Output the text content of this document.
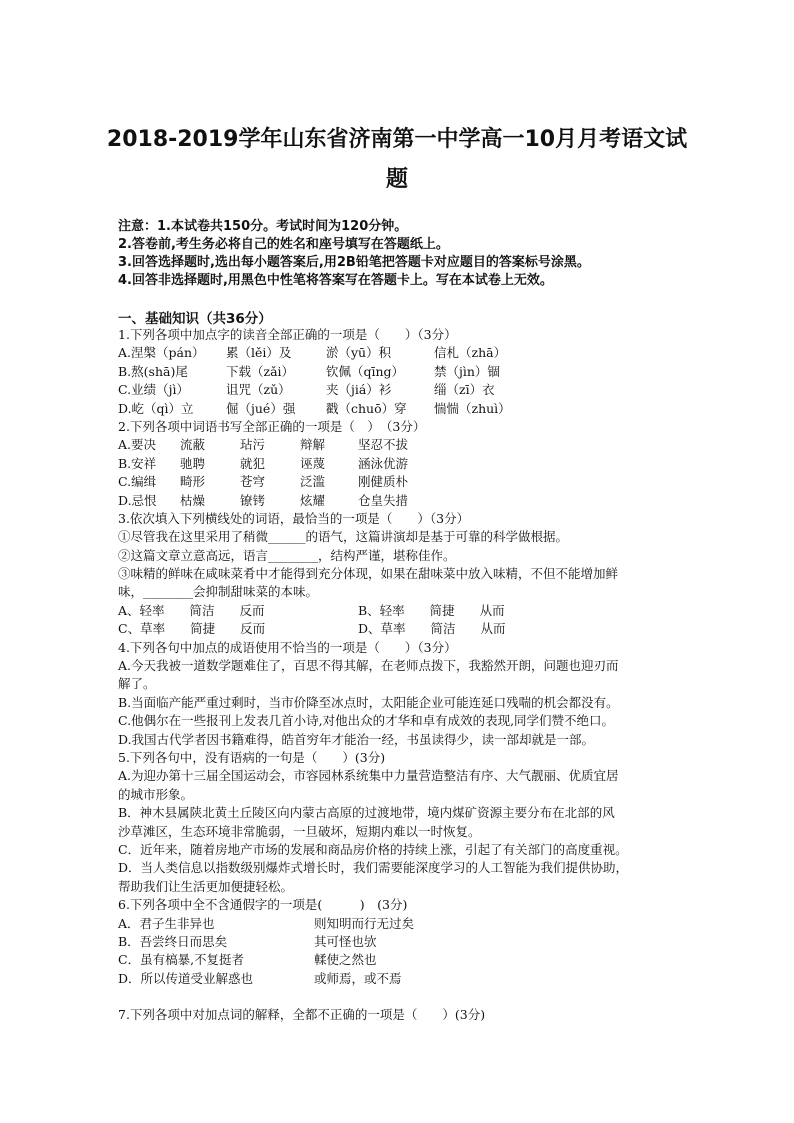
2018-2019学年山东省济南第一中学高一10月月考语文试
题
注意：1.本试卷共150分。考试时间为120分钟。
2.答卷前,考生务必将自己的姓名和座号填写在答题纸上。
3.回答选择题时,选出每小题答案后,用2B铅笔把答题卡对应题目的答案标号涂黑。
4.回答非选择题时,用黑色中性笔将答案写在答题卡上。写在本试卷上无效。
一、基础知识（共36分）
1.下列各项中加点字的读音全部正确的一项是（　　）（3分）
A.涅槃（pán）	累（lěi）及	淤（yū）积	信札（zhā）
B.熬(shā)尾	下载（zǎi）	钦佩（qīng）	禁（jìn）锢
C.业绩（jì）	诅咒（zǔ）	夹（jiá）衫	缁（zī）衣
D.屹（qì）立	倔（jué）强	戳（chuō）穿	惴惴（zhuì）
2.下列各项中词语书写全部正确的一项是（　）　（3分）
A.要决	流蔽	玷污	辩解	坚忍不拔
B.安祥	驰聘	就犯	诬蔑	涵泳优游
C.编缉	畸形	苍穹	泛滥	刚健质朴
D.忌恨	枯燥	镣铐	炫耀	仓皇失措
3.依次填入下列横线处的词语，最恰当的一项是（　　）（3分）
①尽管我在这里采用了稍微______的语气，这篇讲演却是基于可靠的科学做根据。
②这篇文章立意高远，语言________，结构严谨，堪称佳作。
③味精的鲜味在咸味菜肴中才能得到充分体现，如果在甜味菜中放入味精，不但不能增加鲜
味，________会抑制甜味菜的本味。
A、轻率　　简洁　　反而	B、轻率　　简捷　　从而
C、草率　　简捷　　反而	D、草率　　简洁　　从而
4.下列各句中加点的成语使用不恰当的一项是（　　）（3分）
A.今天我被一道数学题难住了，百思不得其解，在老师点拨下，我豁然开朗，问题也迎刃而
解了。
B.当面临产能严重过剩时，当市价降至冰点时，太阳能企业可能连延口残喘的机会都没有。
C.他偶尔在一些报刊上发表几首小诗,对他出众的才华和卓有成效的表现,同学们赞不绝口。
D.我国古代学者因书籍难得，皓首穷年才能治一经，书虽读得少，读一部却就是一部。
5.下列各句中，没有语病的一句是（　　）(3分)
A.为迎办第十三届全国运动会，市容园林系统集中力量营造整洁有序、大气靓丽、优质宜居
的城市形象。
B．神木县属陕北黄土丘陵区向内蒙古高原的过渡地带，境内煤矿资源主要分布在北部的风
沙草滩区，生态环境非常脆弱，一旦破坏，短期内难以一时恢复。
C．近年来，随着房地产市场的发展和商品房价格的持续上涨，引起了有关部门的高度重视。
D．当人类信息以指数级别爆炸式增长时，我们需要能深度学习的人工智能为我们提供协助，
帮助我们让生活更加便捷轻松。
6.下列各项中全不含通假字的一项是(　　　)　(3分)
A．君子生非异也	则知明而行无过矣
B．吾尝终日而思矣	其可怪也欤
C．虽有槁暴,不复挺者	輮使之然也
D．所以传道受业解惑也	或师焉，或不焉
7.下列各项中对加点词的解释，全都不正确的一项是（　　）(3分)
